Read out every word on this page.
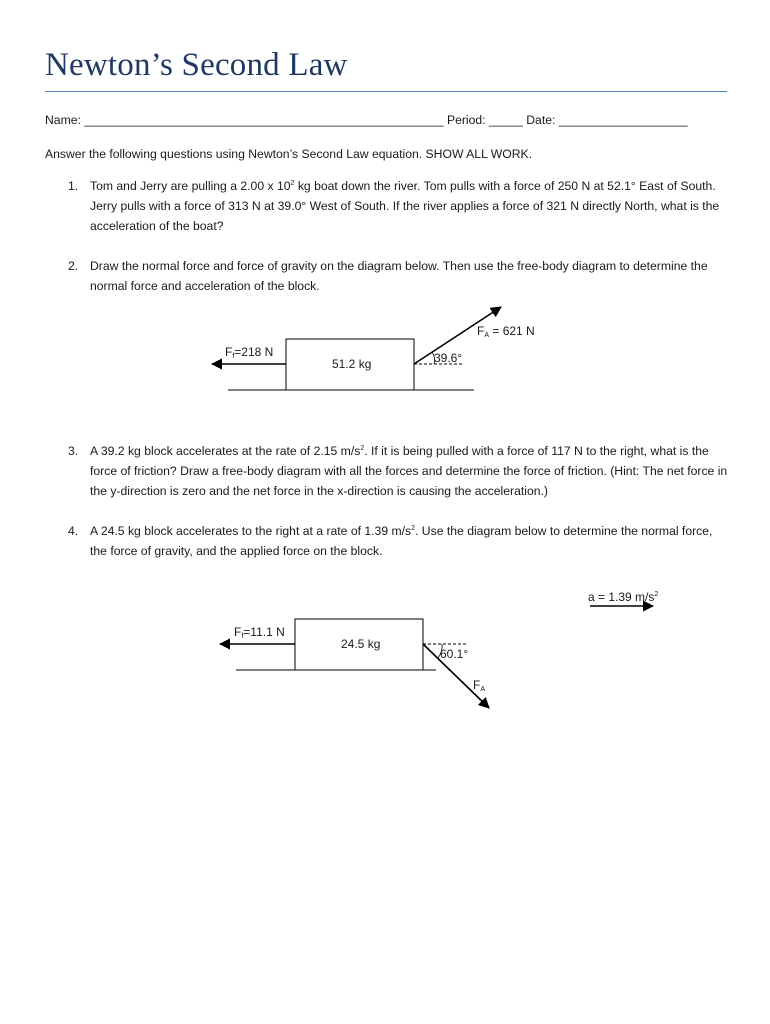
Newton’s Second Law
Name: _____________________________________________________ Period: _____ Date: ___________________
Answer the following questions using Newton’s Second Law equation. SHOW ALL WORK.
1. Tom and Jerry are pulling a 2.00 x $10^2$ kg boat down the river. Tom pulls with a force of 250 N at 52.1° East of South. Jerry pulls with a force of 313 N at 39.0° West of South. If the river applies a force of 321 N directly North, what is the acceleration of the boat?
2. Draw the normal force and force of gravity on the diagram below. Then use the free-body diagram to determine the normal force and acceleration of the block.
3. A 39.2 kg block accelerates at the rate of 2.15 $m/s^2$. If it is being pulled with a force of 117 N to the right, what is the force of friction? Draw a free-body diagram with all the forces and determine the force of friction. (Hint: The net force in the y-direction is zero and the net force in the x-direction is causing the acceleration.)
4. A 24.5 kg block accelerates to the right at a rate of 1.39 $m/s^2$. Use the diagram below to determine the normal force, the force of gravity, and the applied force on the block.
51.2 kg
$F_f=218$ N
$F_A = 621$ N
39.6°
24.5 kg
$F_f=11.1$ N
60.1°
$F_A$
a = 1.39 $m/s^2$
